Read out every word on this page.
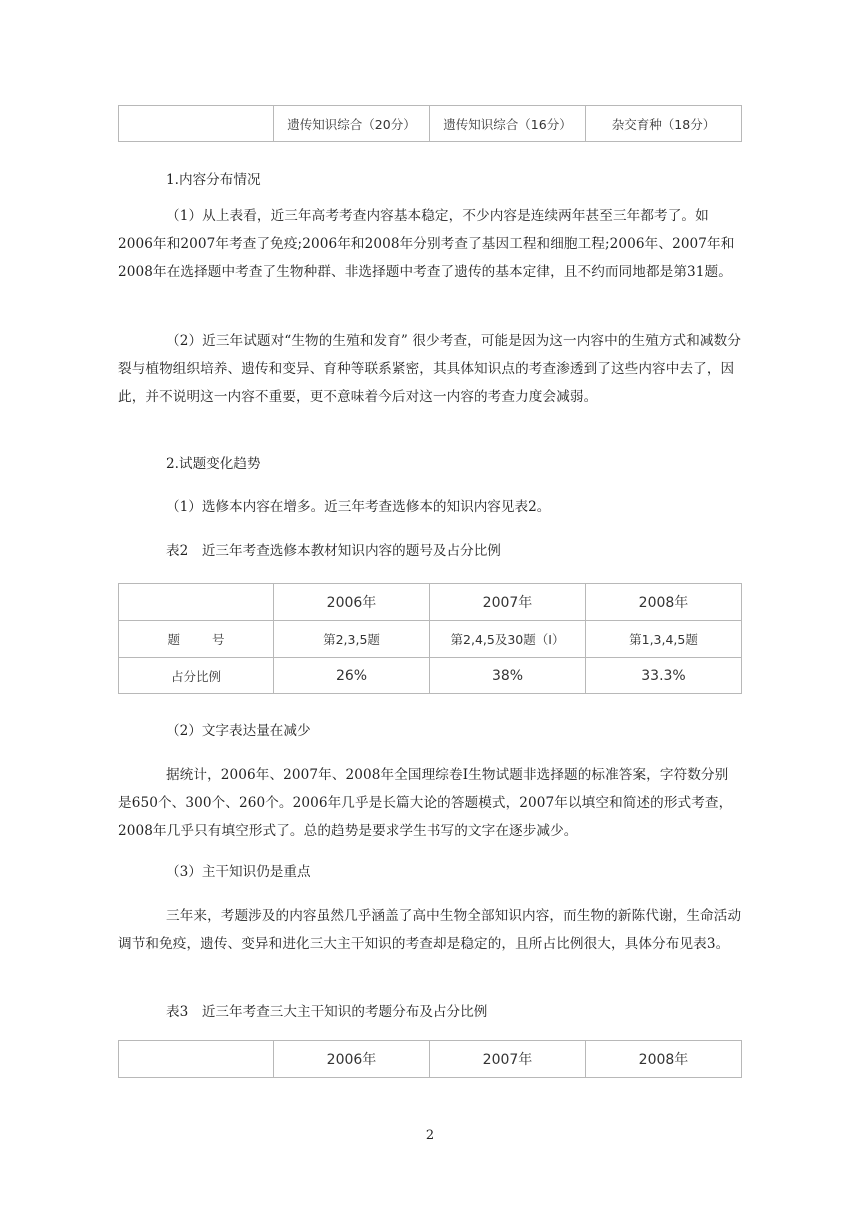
	遗传知识综合（20分）	遗传知识综合（16分）	杂交育种（18分）

1.内容分布情况

（1）从上表看，近三年高考考查内容基本稳定，不少内容是连续两年甚至三年都考了。如2006年和2007年考查了免疫;2006年和2008年分别考查了基因工程和细胞工程;2006年、2007年和2008年在选择题中考查了生物种群、非选择题中考查了遗传的基本定律，且不约而同地都是第31题。

（2）近三年试题对“生物的生殖和发育” 很少考查，可能是因为这一内容中的生殖方式和减数分裂与植物组织培养、遗传和变异、育种等联系紧密，其具体知识点的考查渗透到了这些内容中去了，因此，并不说明这一内容不重要，更不意味着今后对这一内容的考查力度会减弱。

2.试题变化趋势

（1）选修本内容在增多。近三年考查选修本的知识内容见表2。

表2　近三年考查选修本教材知识内容的题号及占分比例

	2006年	2007年	2008年
题 号	第2,3,5题	第2,4,5及30题（Ⅰ）	第1,3,4,5题
占分比例	26%	38%	33.3%

（2）文字表达量在减少

据统计，2006年、2007年、2008年全国理综卷Ⅰ生物试题非选择题的标准答案，字符数分别是650个、300个、260个。2006年几乎是长篇大论的答题模式，2007年以填空和简述的形式考查，2008年几乎只有填空形式了。总的趋势是要求学生书写的文字在逐步减少。

（3）主干知识仍是重点

三年来，考题涉及的内容虽然几乎涵盖了高中生物全部知识内容，而生物的新陈代谢，生命活动调节和免疫，遗传、变异和进化三大主干知识的考查却是稳定的，且所占比例很大，具体分布见表3。

表3　近三年考查三大主干知识的考题分布及占分比例

	2006年	2007年	2008年
2
